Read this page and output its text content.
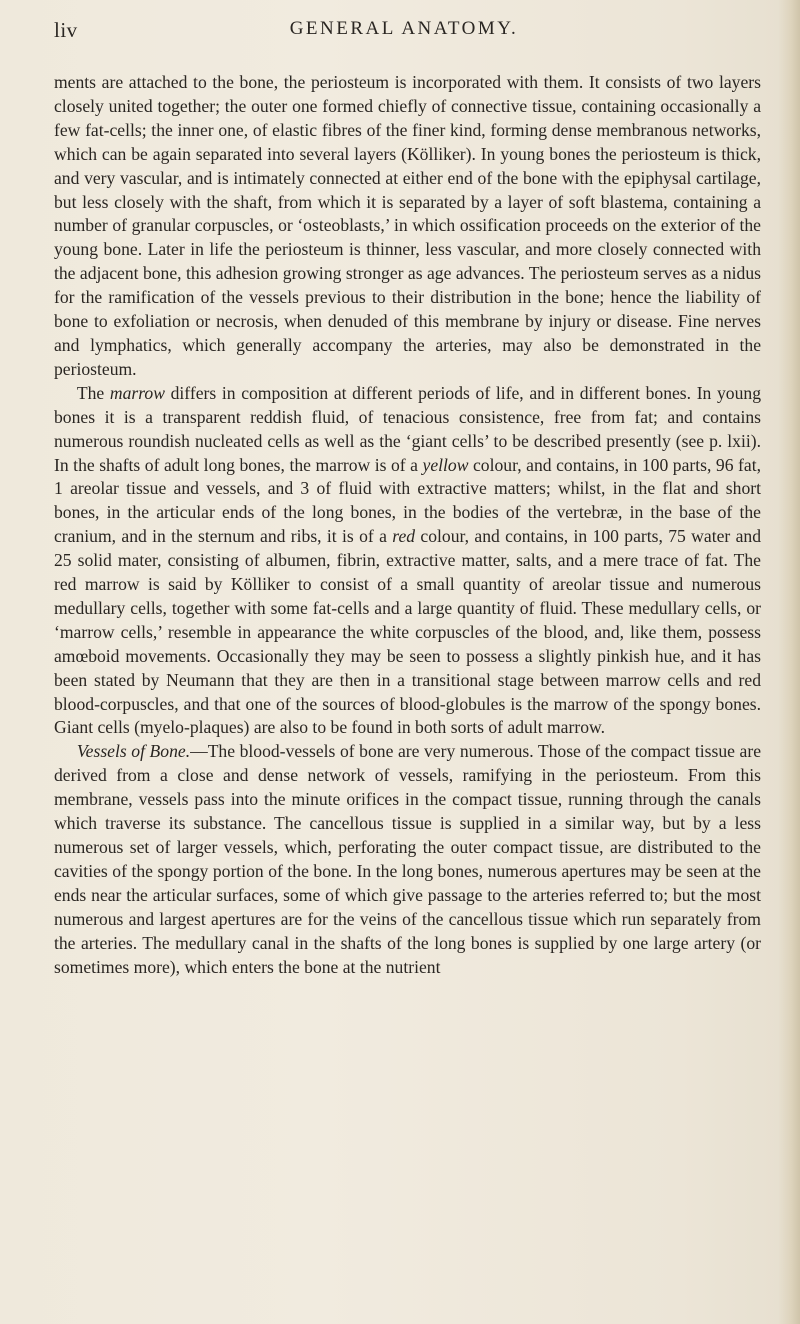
liv	GENERAL ANATOMY.

ments are attached to the bone, the periosteum is incorporated with them. It consists of two layers closely united together; the outer one formed chiefly of connective tissue, containing occasionally a few fat-cells; the inner one, of elastic fibres of the finer kind, forming dense membranous networks, which can be again separated into several layers (Kölliker). In young bones the periosteum is thick, and very vascular, and is intimately connected at either end of the bone with the epiphysal cartilage, but less closely with the shaft, from which it is separated by a layer of soft blastema, containing a number of granular corpuscles, or ‘osteoblasts,’ in which ossification proceeds on the exterior of the young bone. Later in life the periosteum is thinner, less vascular, and more closely connected with the adjacent bone, this adhesion growing stronger as age advances. The periosteum serves as a nidus for the ramification of the vessels previous to their distribution in the bone; hence the liability of bone to exfoliation or necrosis, when denuded of this membrane by injury or disease. Fine nerves and lymphatics, which generally accompany the arteries, may also be demonstrated in the periosteum.

The marrow differs in composition at different periods of life, and in different bones. In young bones it is a transparent reddish fluid, of tenacious consistence, free from fat; and contains numerous roundish nucleated cells as well as the ‘giant cells’ to be described presently (see p. lxii). In the shafts of adult long bones, the marrow is of a yellow colour, and contains, in 100 parts, 96 fat, 1 areolar tissue and vessels, and 3 of fluid with extractive matters; whilst, in the flat and short bones, in the articular ends of the long bones, in the bodies of the vertebræ, in the base of the cranium, and in the sternum and ribs, it is of a red colour, and contains, in 100 parts, 75 water and 25 solid mater, consisting of albumen, fibrin, extractive matter, salts, and a mere trace of fat. The red marrow is said by Kölliker to consist of a small quantity of areolar tissue and numerous medullary cells, together with some fat-cells and a large quantity of fluid. These medullary cells, or ‘marrow cells,’ resemble in appearance the white corpuscles of the blood, and, like them, possess amœboid movements. Occasionally they may be seen to possess a slightly pinkish hue, and it has been stated by Neumann that they are then in a transitional stage between marrow cells and red blood-corpuscles, and that one of the sources of blood-globules is the marrow of the spongy bones. Giant cells (myelo-plaques) are also to be found in both sorts of adult marrow.

Vessels of Bone.—The blood-vessels of bone are very numerous. Those of the compact tissue are derived from a close and dense network of vessels, ramifying in the periosteum. From this membrane, vessels pass into the minute orifices in the compact tissue, running through the canals which traverse its substance. The cancellous tissue is supplied in a similar way, but by a less numerous set of larger vessels, which, perforating the outer compact tissue, are distributed to the cavities of the spongy portion of the bone. In the long bones, numerous apertures may be seen at the ends near the articular surfaces, some of which give passage to the arteries referred to; but the most numerous and largest apertures are for the veins of the cancellous tissue which run separately from the arteries. The medullary canal in the shafts of the long bones is supplied by one large artery (or sometimes more), which enters the bone at the nutrient
